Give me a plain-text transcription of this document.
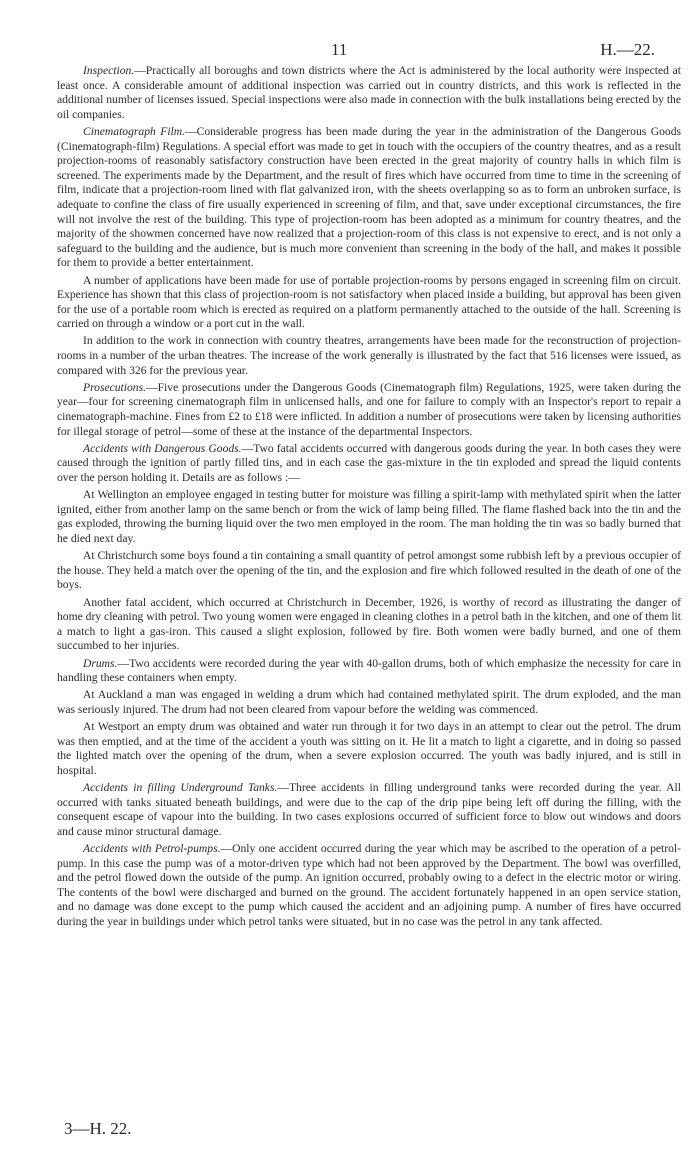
11	H.—22.

Inspection.—Practically all boroughs and town districts where the Act is administered by the local authority were inspected at least once. A considerable amount of additional inspection was carried out in country districts, and this work is reflected in the additional number of licenses issued. Special inspections were also made in connection with the bulk installations being erected by the oil companies.

Cinematograph Film.—Considerable progress has been made during the year in the administration of the Dangerous Goods (Cinematograph-film) Regulations. A special effort was made to get in touch with the occupiers of the country theatres, and as a result projection-rooms of reasonably satisfactory construction have been erected in the great majority of country halls in which film is screened. The experiments made by the Department, and the result of fires which have occurred from time to time in the screening of film, indicate that a projection-room lined with flat galvanized iron, with the sheets overlapping so as to form an unbroken surface, is adequate to confine the class of fire usually experienced in screening of film, and that, save under exceptional circumstances, the fire will not involve the rest of the building. This type of projection-room has been adopted as a minimum for country theatres, and the majority of the showmen concerned have now realized that a projection-room of this class is not expensive to erect, and is not only a safeguard to the building and the audience, but is much more convenient than screening in the body of the hall, and makes it possible for them to provide a better entertainment.

A number of applications have been made for use of portable projection-rooms by persons engaged in screening film on circuit. Experience has shown that this class of projection-room is not satisfactory when placed inside a building, but approval has been given for the use of a portable room which is erected as required on a platform permanently attached to the outside of the hall. Screening is carried on through a window or a port cut in the wall.

In addition to the work in connection with country theatres, arrangements have been made for the reconstruction of projection-rooms in a number of the urban theatres. The increase of the work generally is illustrated by the fact that 516 licenses were issued, as compared with 326 for the previous year.

Prosecutions.—Five prosecutions under the Dangerous Goods (Cinematograph film) Regulations, 1925, were taken during the year—four for screening cinematograph film in unlicensed halls, and one for failure to comply with an Inspector's report to repair a cinematograph-machine. Fines from £2 to £18 were inflicted. In addition a number of prosecutions were taken by licensing authorities for illegal storage of petrol—some of these at the instance of the departmental Inspectors.

Accidents with Dangerous Goods.—Two fatal accidents occurred with dangerous goods during the year. In both cases they were caused through the ignition of partly filled tins, and in each case the gas-mixture in the tin exploded and spread the liquid contents over the person holding it. Details are as follows :—

At Wellington an employee engaged in testing butter for moisture was filling a spirit-lamp with methylated spirit when the latter ignited, either from another lamp on the same bench or from the wick of lamp being filled. The flame flashed back into the tin and the gas exploded, throwing the burning liquid over the two men employed in the room. The man holding the tin was so badly burned that he died next day.

At Christchurch some boys found a tin containing a small quantity of petrol amongst some rubbish left by a previous occupier of the house. They held a match over the opening of the tin, and the explosion and fire which followed resulted in the death of one of the boys.

Another fatal accident, which occurred at Christchurch in December, 1926, is worthy of record as illustrating the danger of home dry cleaning with petrol. Two young women were engaged in cleaning clothes in a petrol bath in the kitchen, and one of them lit a match to light a gas-iron. This caused a slight explosion, followed by fire. Both women were badly burned, and one of them succumbed to her injuries.

Drums.—Two accidents were recorded during the year with 40-gallon drums, both of which emphasize the necessity for care in handling these containers when empty.

At Auckland a man was engaged in welding a drum which had contained methylated spirit. The drum exploded, and the man was seriously injured. The drum had not been cleared from vapour before the welding was commenced.

At Westport an empty drum was obtained and water run through it for two days in an attempt to clear out the petrol. The drum was then emptied, and at the time of the accident a youth was sitting on it. He lit a match to light a cigarette, and in doing so passed the lighted match over the opening of the drum, when a severe explosion occurred. The youth was badly injured, and is still in hospital.

Accidents in filling Underground Tanks.—Three accidents in filling underground tanks were recorded during the year. All occurred with tanks situated beneath buildings, and were due to the cap of the drip pipe being left off during the filling, with the consequent escape of vapour into the building. In two cases explosions occurred of sufficient force to blow out windows and doors and cause minor structural damage.

Accidents with Petrol-pumps.—Only one accident occurred during the year which may be ascribed to the operation of a petrol-pump. In this case the pump was of a motor-driven type which had not been approved by the Department. The bowl was overfilled, and the petrol flowed down the outside of the pump. An ignition occurred, probably owing to a defect in the electric motor or wiring. The contents of the bowl were discharged and burned on the ground. The accident fortunately happened in an open service station, and no damage was done except to the pump which caused the accident and an adjoining pump. A number of fires have occurred during the year in buildings under which petrol tanks were situated, but in no case was the petrol in any tank affected.

3—H. 22.
